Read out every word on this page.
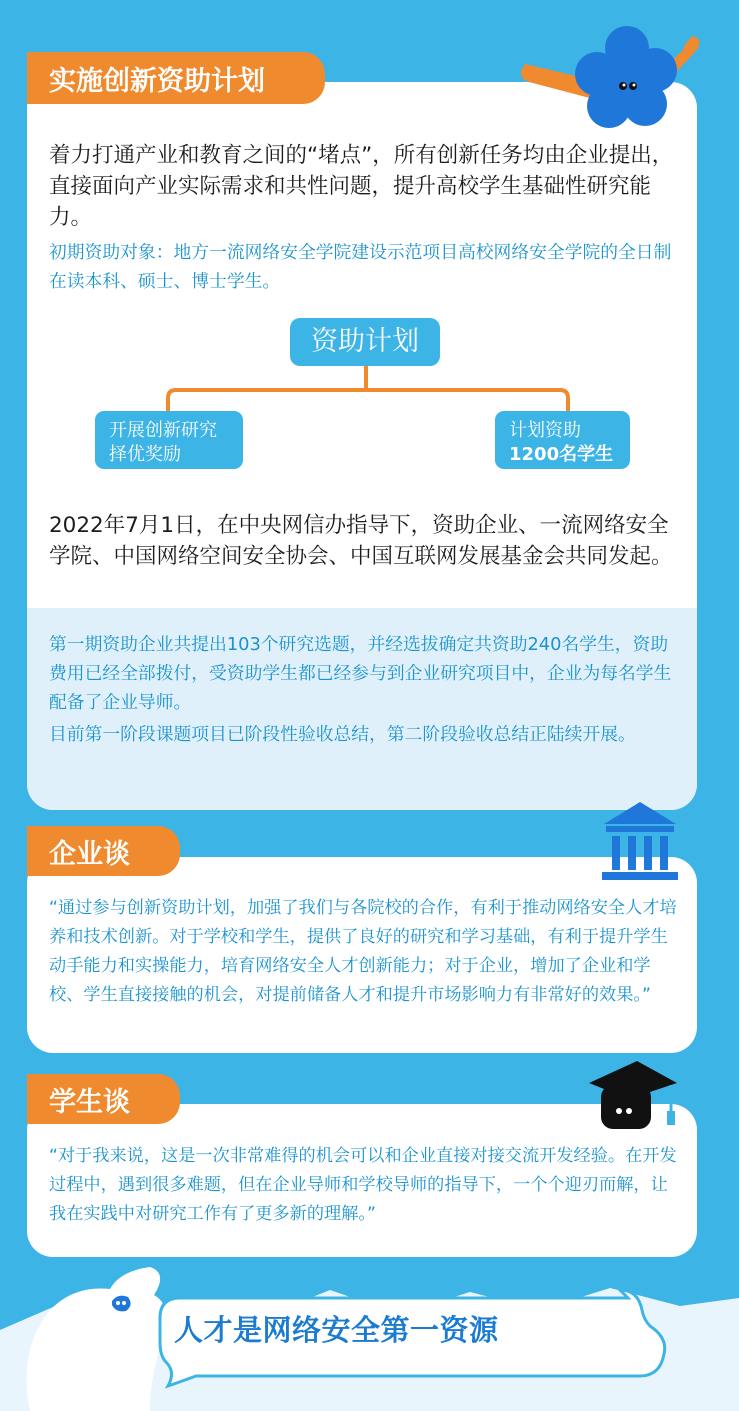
实施创新资助计划

着力打通产业和教育之间的“堵点”，所有创新任务均由企业提出，直接面向产业实际需求和共性问题，提升高校学生基础性研究能力。

初期资助对象：地方一流网络安全学院建设示范项目高校网络安全学院的全日制在读本科、硕士、博士学生。

资助计划
开展创新研究
择优奖励
计划资助
1200名学生

2022年7月1日，在中央网信办指导下，资助企业、一流网络安全学院、中国网络空间安全协会、中国互联网发展基金会共同发起。

第一期资助企业共提出103个研究选题，并经选拔确定共资助240名学生，资助费用已经全部拨付，受资助学生都已经参与到企业研究项目中，企业为每名学生配备了企业导师。

目前第一阶段课题项目已阶段性验收总结，第二阶段验收总结正陆续开展。

企业谈

“通过参与创新资助计划，加强了我们与各院校的合作，有利于推动网络安全人才培养和技术创新。对于学校和学生，提供了良好的研究和学习基础，有利于提升学生动手能力和实操能力，培育网络安全人才创新能力；对于企业，增加了企业和学校、学生直接接触的机会，对提前储备人才和提升市场影响力有非常好的效果。”

学生谈

“对于我来说，这是一次非常难得的机会可以和企业直接对接交流开发经验。在开发过程中，遇到很多难题，但在企业导师和学校导师的指导下，一个个迎刃而解，让我在实践中对研究工作有了更多新的理解。”

人才是网络安全第一资源
